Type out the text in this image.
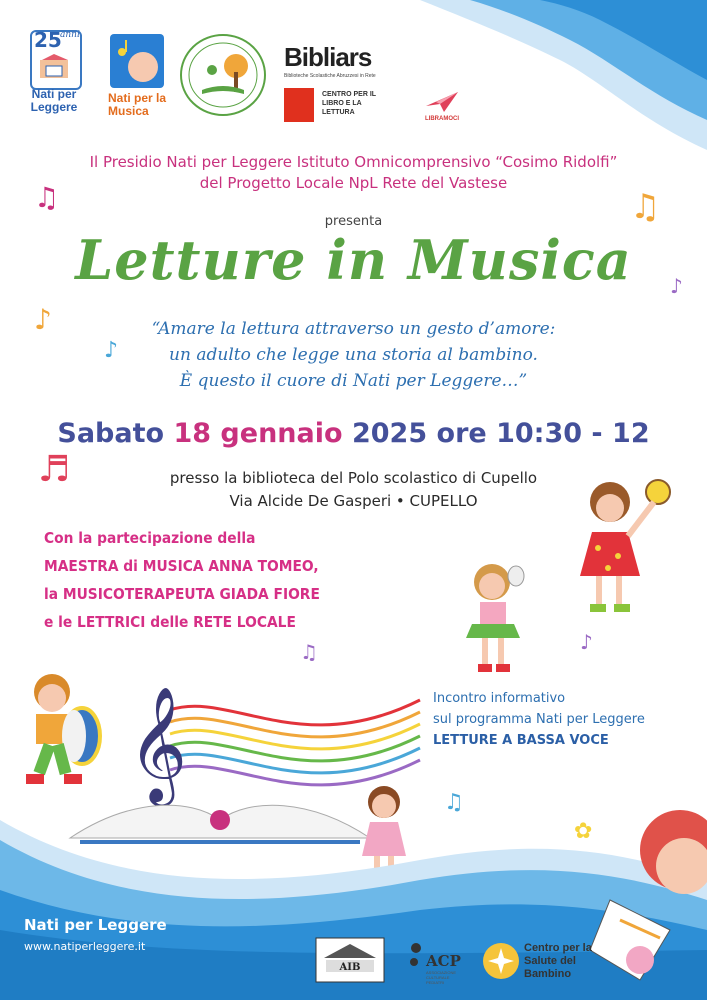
25
anni
Nati per Leggere
Nati per la Musica
Bibliars
Biblioteche Scolastiche Abruzzesi in Rete
CENTRO PER IL LIBRO E LA LETTURA
LIBRAMOCI
Il Presidio Nati per Leggere Istituto Omnicomprensivo “Cosimo Ridolfi”
del Progetto Locale NpL Rete del Vastese
presenta
Letture in Musica
♫	♫
♪
♪
♪
♬
♪
♫
♫
“Amare la lettura attraverso un gesto d’amore:
un adulto che legge una storia al bambino.
È questo il cuore di Nati per Leggere…”
Sabato 18 gennaio 2025 ore 10:30 - 12
presso la biblioteca del Polo scolastico di Cupello
Via Alcide De Gasperi • CUPELLO
Con la partecipazione della
MAESTRA di MUSICA ANNA TOMEO,
la MUSICOTERAPEUTA GIADA FIORE
e le LETTRICI delle RETE LOCALE
𝄞	Incontro informativo
sul programma Nati per Leggere
LETTURE A BASSA VOCE
✿
Nati per Leggere
www.natiperleggere.it
AIB	ACP
ASSOCIAZIONE CULTURALE PEDIATRI
Centro per la Salute del Bambino
